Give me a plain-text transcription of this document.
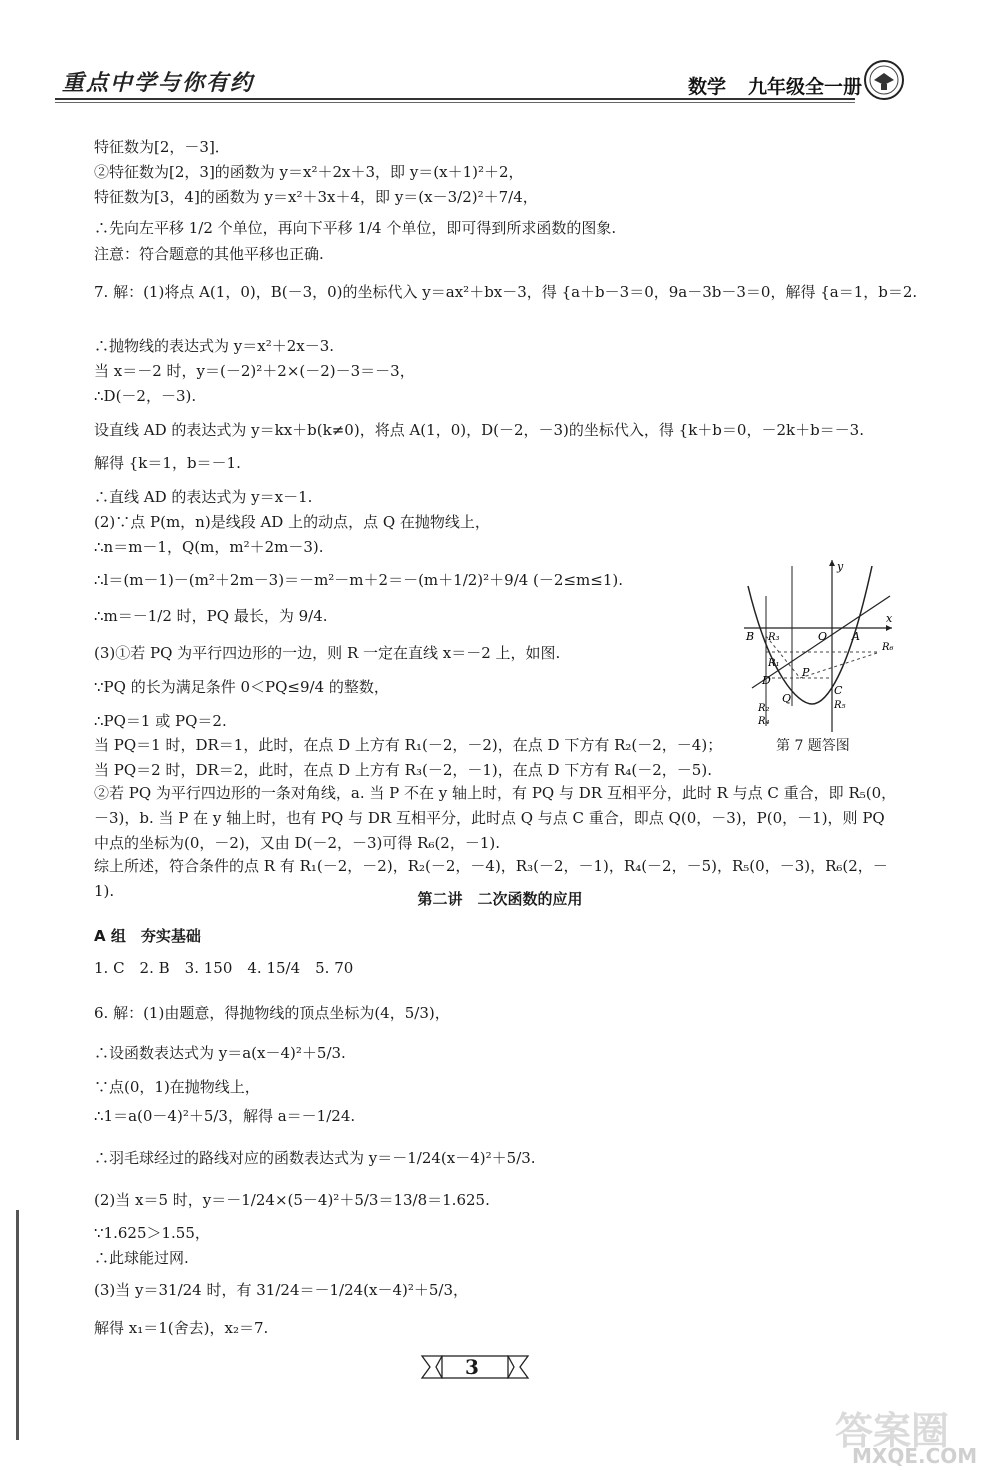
重点中学与你有约	数学 九年级全一册
特征数为[2，－3]．
②特征数为[2，3]的函数为 y＝x²＋2x＋3，即 y＝(x＋1)²＋2，
特征数为[3，4]的函数为 y＝x²＋3x＋4，即 y＝(x－3/2)²＋7/4，
∴先向左平移 1/2 个单位，再向下平移 1/4 个单位，即可得到所求函数的图象.
注意：符合题意的其他平移也正确.
7. 解：(1)将点 A(1，0)，B(－3，0)的坐标代入 y＝ax²＋bx－3，得 {a＋b－3＝0，9a－3b－3＝0，解得 {a＝1，b＝2.
∴抛物线的表达式为 y＝x²＋2x－3.
当 x＝－2 时，y＝(－2)²＋2×(－2)－3＝－3，
∴D(－2，－3).
设直线 AD 的表达式为 y＝kx＋b(k≠0)，将点 A(1，0)，D(－2，－3)的坐标代入，得 {k＋b＝0，－2k＋b＝－3.
解得 {k＝1，b＝－1.
∴直线 AD 的表达式为 y＝x－1.
(2)∵点 P(m，n)是线段 AD 上的动点，点 Q 在抛物线上，
∴n＝m－1，Q(m，m²＋2m－3).
∴l＝(m－1)－(m²＋2m－3)＝－m²－m＋2＝－(m＋1/2)²＋9/4 (－2≤m≤1).
∴m＝－1/2 时，PQ 最长，为 9/4.
(3)①若 PQ 为平行四边形的一边，则 R 一定在直线 x＝－2 上，如图.
∵PQ 的长为满足条件 0＜PQ≤9/4 的整数，
∴PQ＝1 或 PQ＝2.
当 PQ＝1 时，DR＝1，此时，在点 D 上方有 R₁(－2，－2)，在点 D 下方有 R₂(－2，－4)；
当 PQ＝2 时，DR＝2，此时，在点 D 上方有 R₃(－2，－1)，在点 D 下方有 R₄(－2，－5).
②若 PQ 为平行四边形的一条对角线，a. 当 P 不在 y 轴上时，有 PQ 与 DR 互相平分，此时 R 与点 C 重合，即 R₅(0，－3)，b. 当 P 在 y 轴上时，也有 PQ 与 DR 互相平分，此时点 Q 与点 C 重合，即点 Q(0，－3)，P(0，－1)，则 PQ 中点的坐标为(0，－2)，又由 D(－2，－3)可得 R₆(2，－1).
综上所述，符合条件的点 R 有 R₁(－2，－2)，R₂(－2，－4)，R₃(－2，－1)，R₄(－2，－5)，R₅(0，－3)，R₆(2，－1).
x
y
O A
B
C
D
P
Q
R₃
R₁
R₂
R₄
R₅
R₆
第 7 题答图
第二讲　二次函数的应用
A 组　夯实基础
1. C　2. B　3. 150　4. 15/4　5. 70
6. 解：(1)由题意，得抛物线的顶点坐标为(4，5/3)，
∴设函数表达式为 y＝a(x－4)²＋5/3.
∵点(0，1)在抛物线上，
∴1＝a(0－4)²＋5/3，解得 a＝－1/24.
∴羽毛球经过的路线对应的函数表达式为 y＝－1/24(x－4)²＋5/3.
(2)当 x＝5 时，y＝－1/24×(5－4)²＋5/3＝13/8＝1.625.
∵1.625＞1.55，
∴此球能过网.
(3)当 y＝31/24 时，有 31/24＝－1/24(x－4)²＋5/3，
解得 x₁＝1(舍去)，x₂＝7.
3
答案圈
MXQE.COM
